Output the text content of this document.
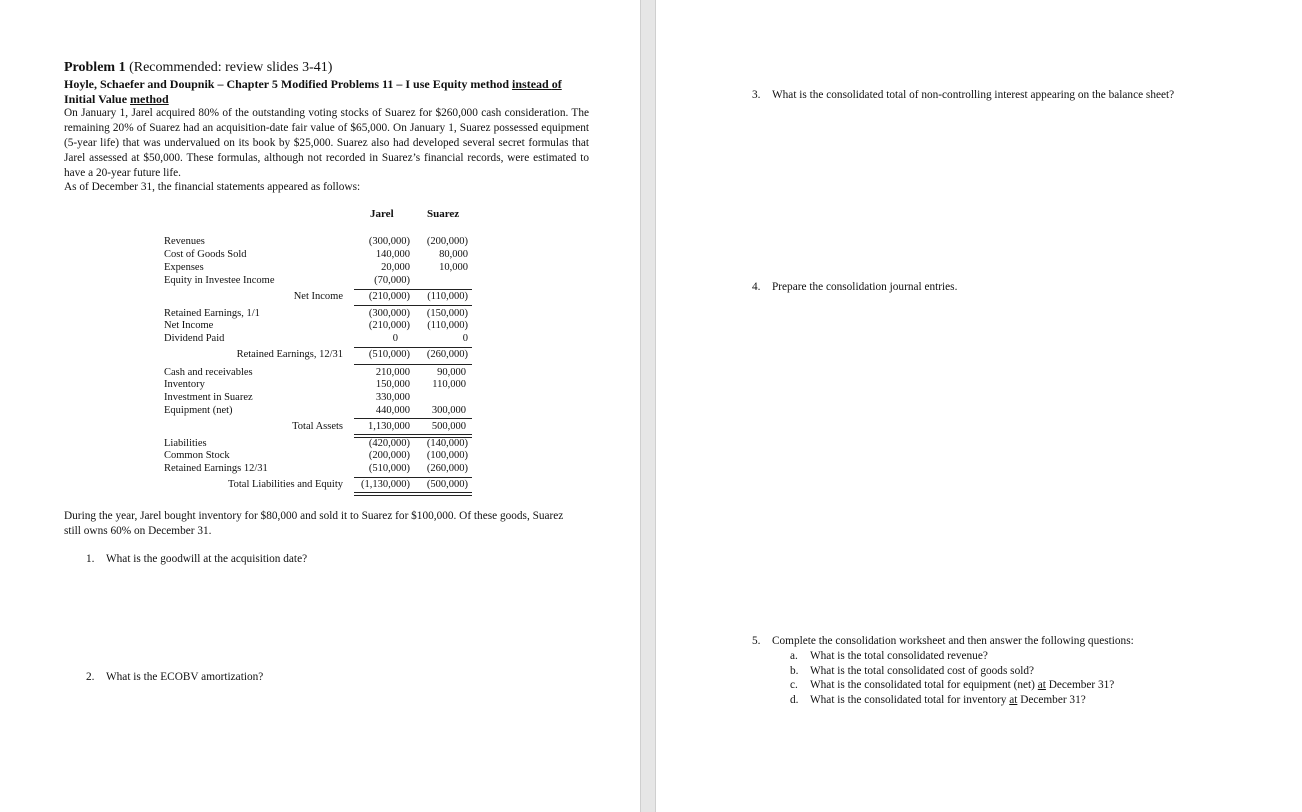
Problem 1 (Recommended: review slides 3-41)
Hoyle, Schaefer and Doupnik – Chapter 5 Modified Problems 11 – I use Equity method instead of Initial Value method
On January 1, Jarel acquired 80% of the outstanding voting stocks of Suarez for $260,000 cash consideration. The remaining 20% of Suarez had an acquisition-date fair value of $65,000. On January 1, Suarez possessed equipment (5-year life) that was undervalued on its book by $25,000. Suarez also had developed several secret formulas that Jarel assessed at $50,000. These formulas, although not recorded in Suarez’s financial records, were estimated to have a 20-year future life.
As of December 31, the financial statements appeared as follows:
Jarel	Suarez
Revenues	(300,000)	(200,000)
Cost of Goods Sold	140,000	80,000
Expenses	20,000	10,000
Equity in Investee Income	(70,000)
Net Income	(210,000)	(110,000)
Retained Earnings, 1/1	(300,000)	(150,000)
Net Income	(210,000)	(110,000)
Dividend Paid	0	0
Retained Earnings, 12/31	(510,000)	(260,000)
Cash and receivables	210,000	90,000
Inventory	150,000	110,000
Investment in Suarez	330,000
Equipment (net)	440,000	300,000
Total Assets	1,130,000	500,000
Liabilities	(420,000)	(140,000)
Common Stock	(200,000)	(100,000)
Retained Earnings 12/31	(510,000)	(260,000)
Total Liabilities and Equity	(1,130,000)	(500,000)
During the year, Jarel bought inventory for $80,000 and sold it to Suarez for $100,000. Of these goods, Suarez still owns 60% on December 31.
1. What is the goodwill at the acquisition date?
2. What is the ECOBV amortization?
3. What is the consolidated total of non-controlling interest appearing on the balance sheet?
4. Prepare the consolidation journal entries.
5. Complete the consolidation worksheet and then answer the following questions:
a. What is the total consolidated revenue?
b. What is the total consolidated cost of goods sold?
c. What is the consolidated total for equipment (net) at December 31?
d. What is the consolidated total for inventory at December 31?
